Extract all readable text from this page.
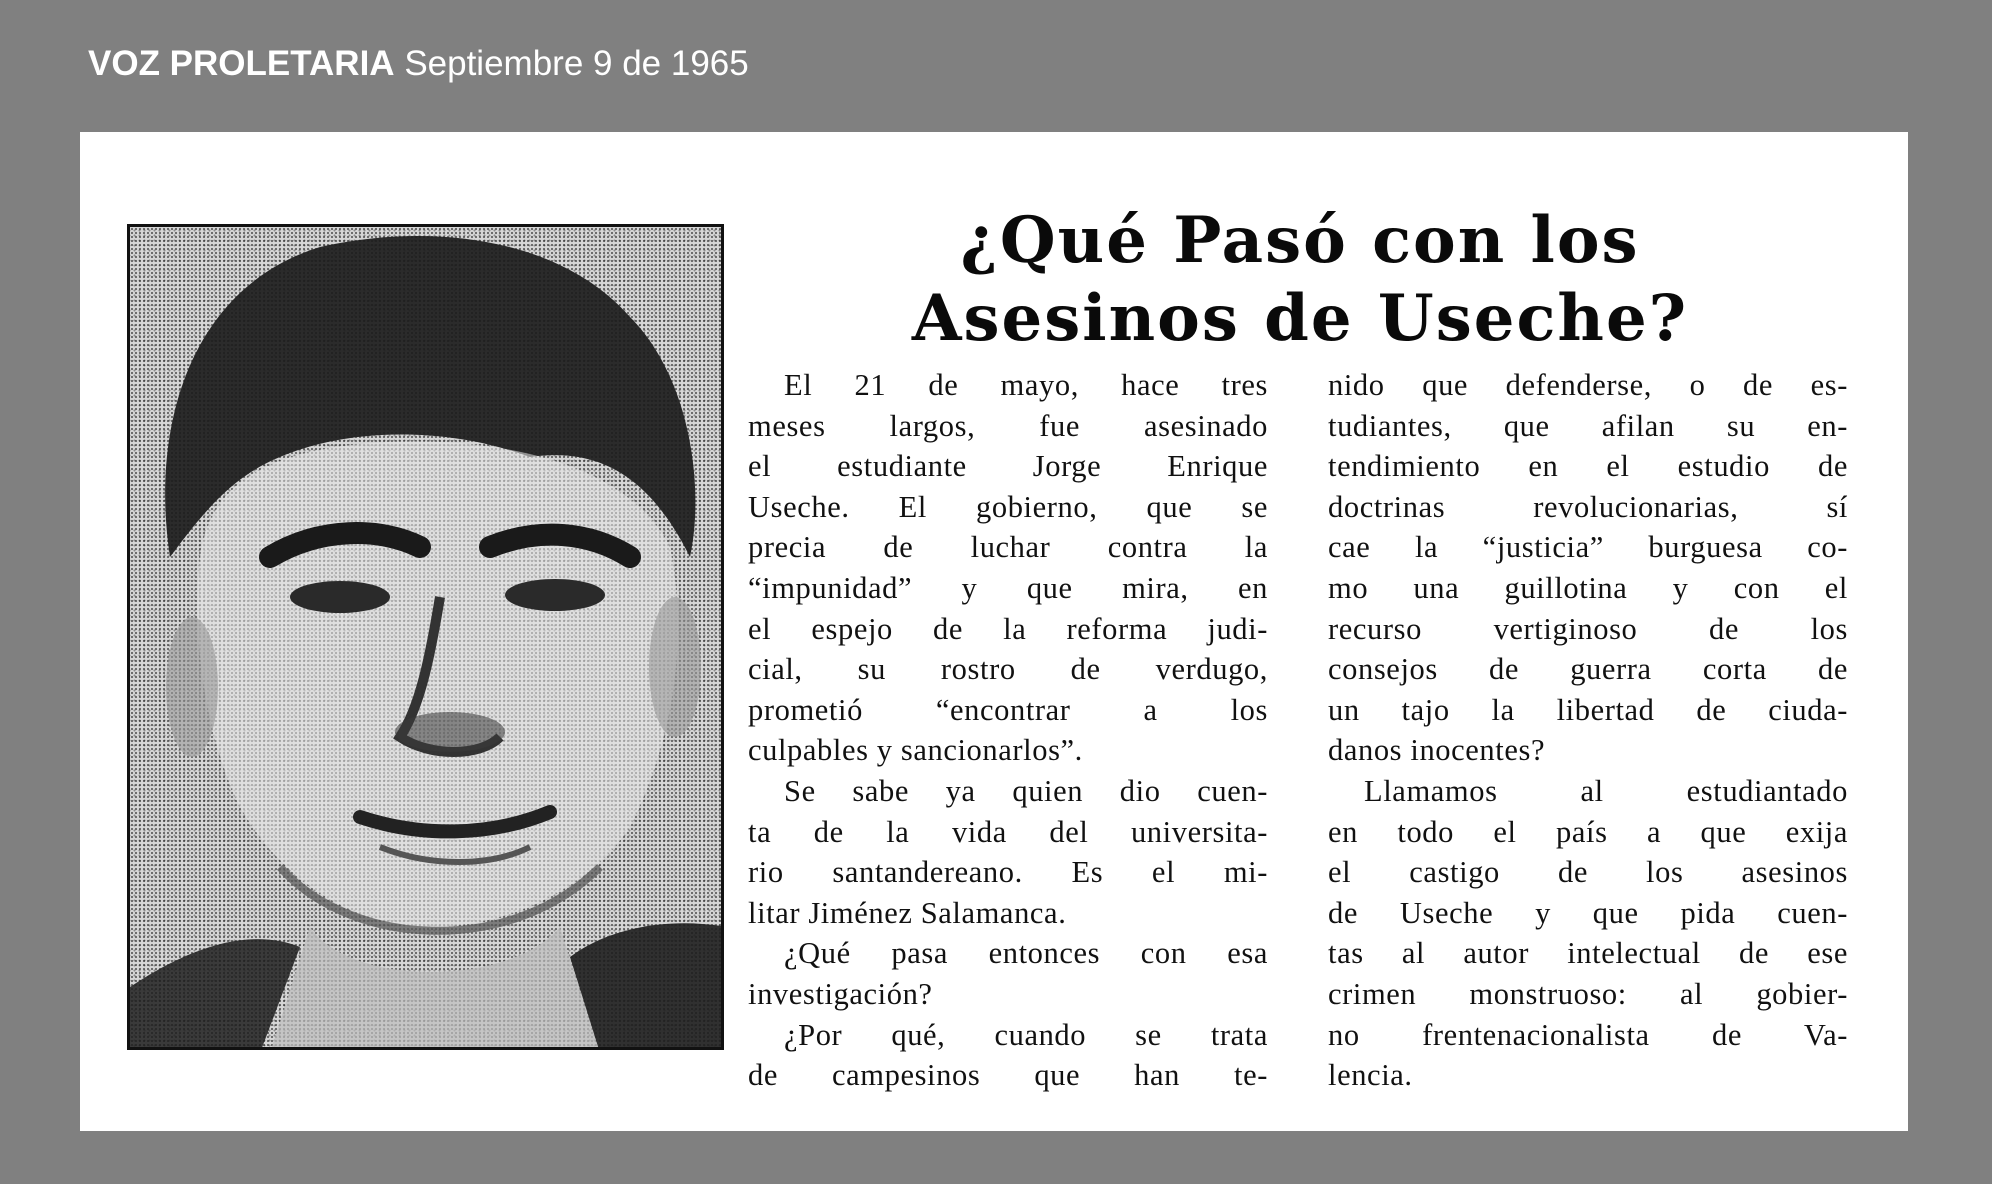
VOZ PROLETARIA Septiembre 9 de 1965
¿Qué Pasó con los
Asesinos de Useche?
El 21 de mayo, hace tres
meses largos, fue asesinado
el estudiante Jorge Enrique
Useche. El gobierno, que se
precia de luchar contra la
“impunidad” y que mira, en
el espejo de la reforma judi-
cial, su rostro de verdugo,
prometió “encontrar a los
culpables y sancionarlos”.
Se sabe ya quien dio cuen-
ta de la vida del universita-
rio santandereano. Es el mi-
litar Jiménez Salamanca.
¿Qué pasa entonces con esa
investigación?
¿Por qué, cuando se trata
de campesinos que han te-
nido que defenderse, o de es-
tudiantes, que afilan su en-
tendimiento en el estudio de
doctrinas revolucionarias, sí
cae la “justicia” burguesa co-
mo una guillotina y con el
recurso vertiginoso de los
consejos de guerra corta de
un tajo la libertad de ciuda-
danos inocentes?
Llamamos al estudiantado
en todo el país a que exija
el castigo de los asesinos
de Useche y que pida cuen-
tas al autor intelectual de ese
crimen monstruoso: al gobier-
no frentenacionalista de Va-
lencia.
